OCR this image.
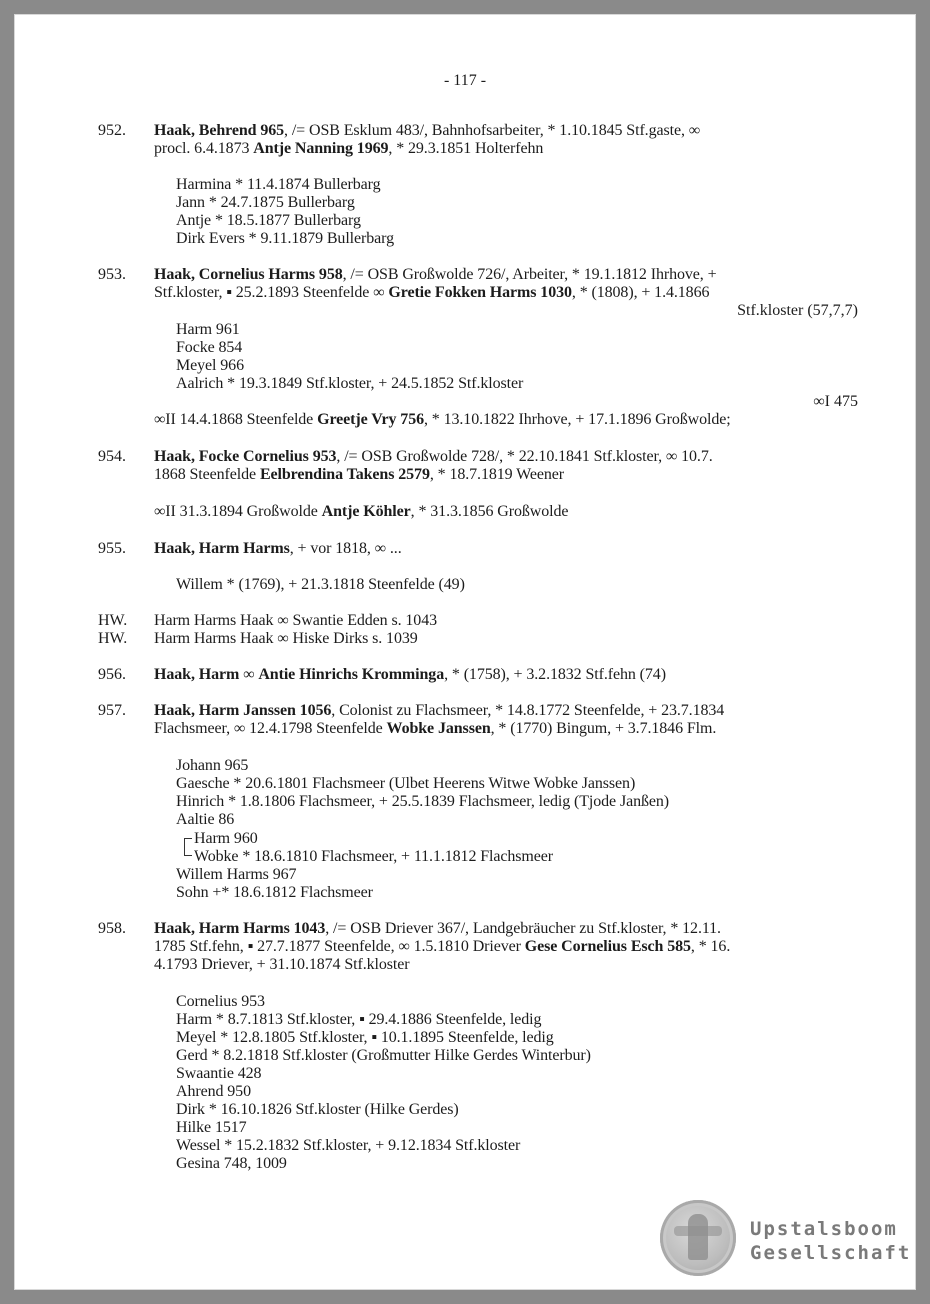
- 117 -
952. Haak, Behrend 965, /= OSB Esklum 483/, Bahnhofsarbeiter, * 1.10.1845 Stf.gaste, ∞
procl. 6.4.1873 Antje Nanning 1969, * 29.3.1851 Holterfehn
Harmina * 11.4.1874 Bullerbarg
Jann * 24.7.1875 Bullerbarg
Antje * 18.5.1877 Bullerbarg
Dirk Evers * 9.11.1879 Bullerbarg
953. Haak, Cornelius Harms 958, /= OSB Großwolde 726/, Arbeiter, * 19.1.1812 Ihrhove, +
Stf.kloster, ▪ 25.2.1893 Steenfelde ∞ Gretie Fokken Harms 1030, * (1808), + 1.4.1866
Stf.kloster (57,7,7)
Harm 961
Focke 854
Meyel 966
Aalrich * 19.3.1849 Stf.kloster, + 24.5.1852 Stf.kloster
∞I 475
∞II 14.4.1868 Steenfelde Greetje Vry 756, * 13.10.1822 Ihrhove, + 17.1.1896 Großwolde;
954. Haak, Focke Cornelius 953, /= OSB Großwolde 728/, * 22.10.1841 Stf.kloster, ∞ 10.7.
1868 Steenfelde Eelbrendina Takens 2579, * 18.7.1819 Weener
∞II 31.3.1894 Großwolde Antje Köhler, * 31.3.1856 Großwolde
955. Haak, Harm Harms, + vor 1818, ∞ ...
Willem * (1769), + 21.3.1818 Steenfelde (49)
HW. Harm Harms Haak ∞ Swantie Edden s. 1043
HW. Harm Harms Haak ∞ Hiske Dirks s. 1039
956. Haak, Harm ∞ Antie Hinrichs Kromminga, * (1758), + 3.2.1832 Stf.fehn (74)
957. Haak, Harm Janssen 1056, Colonist zu Flachsmeer, * 14.8.1772 Steenfelde, + 23.7.1834
Flachsmeer, ∞ 12.4.1798 Steenfelde Wobke Janssen, * (1770) Bingum, + 3.7.1846 Flm.
Johann 965
Gaesche * 20.6.1801 Flachsmeer (Ulbet Heerens Witwe Wobke Janssen)
Hinrich * 1.8.1806 Flachsmeer, + 25.5.1839 Flachsmeer, ledig (Tjode Janßen)
Aaltie 86
Harm 960
Wobke * 18.6.1810 Flachsmeer, + 11.1.1812 Flachsmeer
Willem Harms 967
Sohn +* 18.6.1812 Flachsmeer
958. Haak, Harm Harms 1043, /= OSB Driever 367/, Landgebräucher zu Stf.kloster, * 12.11.
1785 Stf.fehn, ▪ 27.7.1877 Steenfelde, ∞ 1.5.1810 Driever Gese Cornelius Esch 585, * 16.
4.1793 Driever, + 31.10.1874 Stf.kloster
Cornelius 953
Harm * 8.7.1813 Stf.kloster, ▪ 29.4.1886 Steenfelde, ledig
Meyel * 12.8.1805 Stf.kloster, ▪ 10.1.1895 Steenfelde, ledig
Gerd * 8.2.1818 Stf.kloster (Großmutter Hilke Gerdes Winterbur)
Swaantie 428
Ahrend 950
Dirk * 16.10.1826 Stf.kloster (Hilke Gerdes)
Hilke 1517
Wessel * 15.2.1832 Stf.kloster, + 9.12.1834 Stf.kloster
Gesina 748, 1009
Upstalsboom
Gesellschaft
